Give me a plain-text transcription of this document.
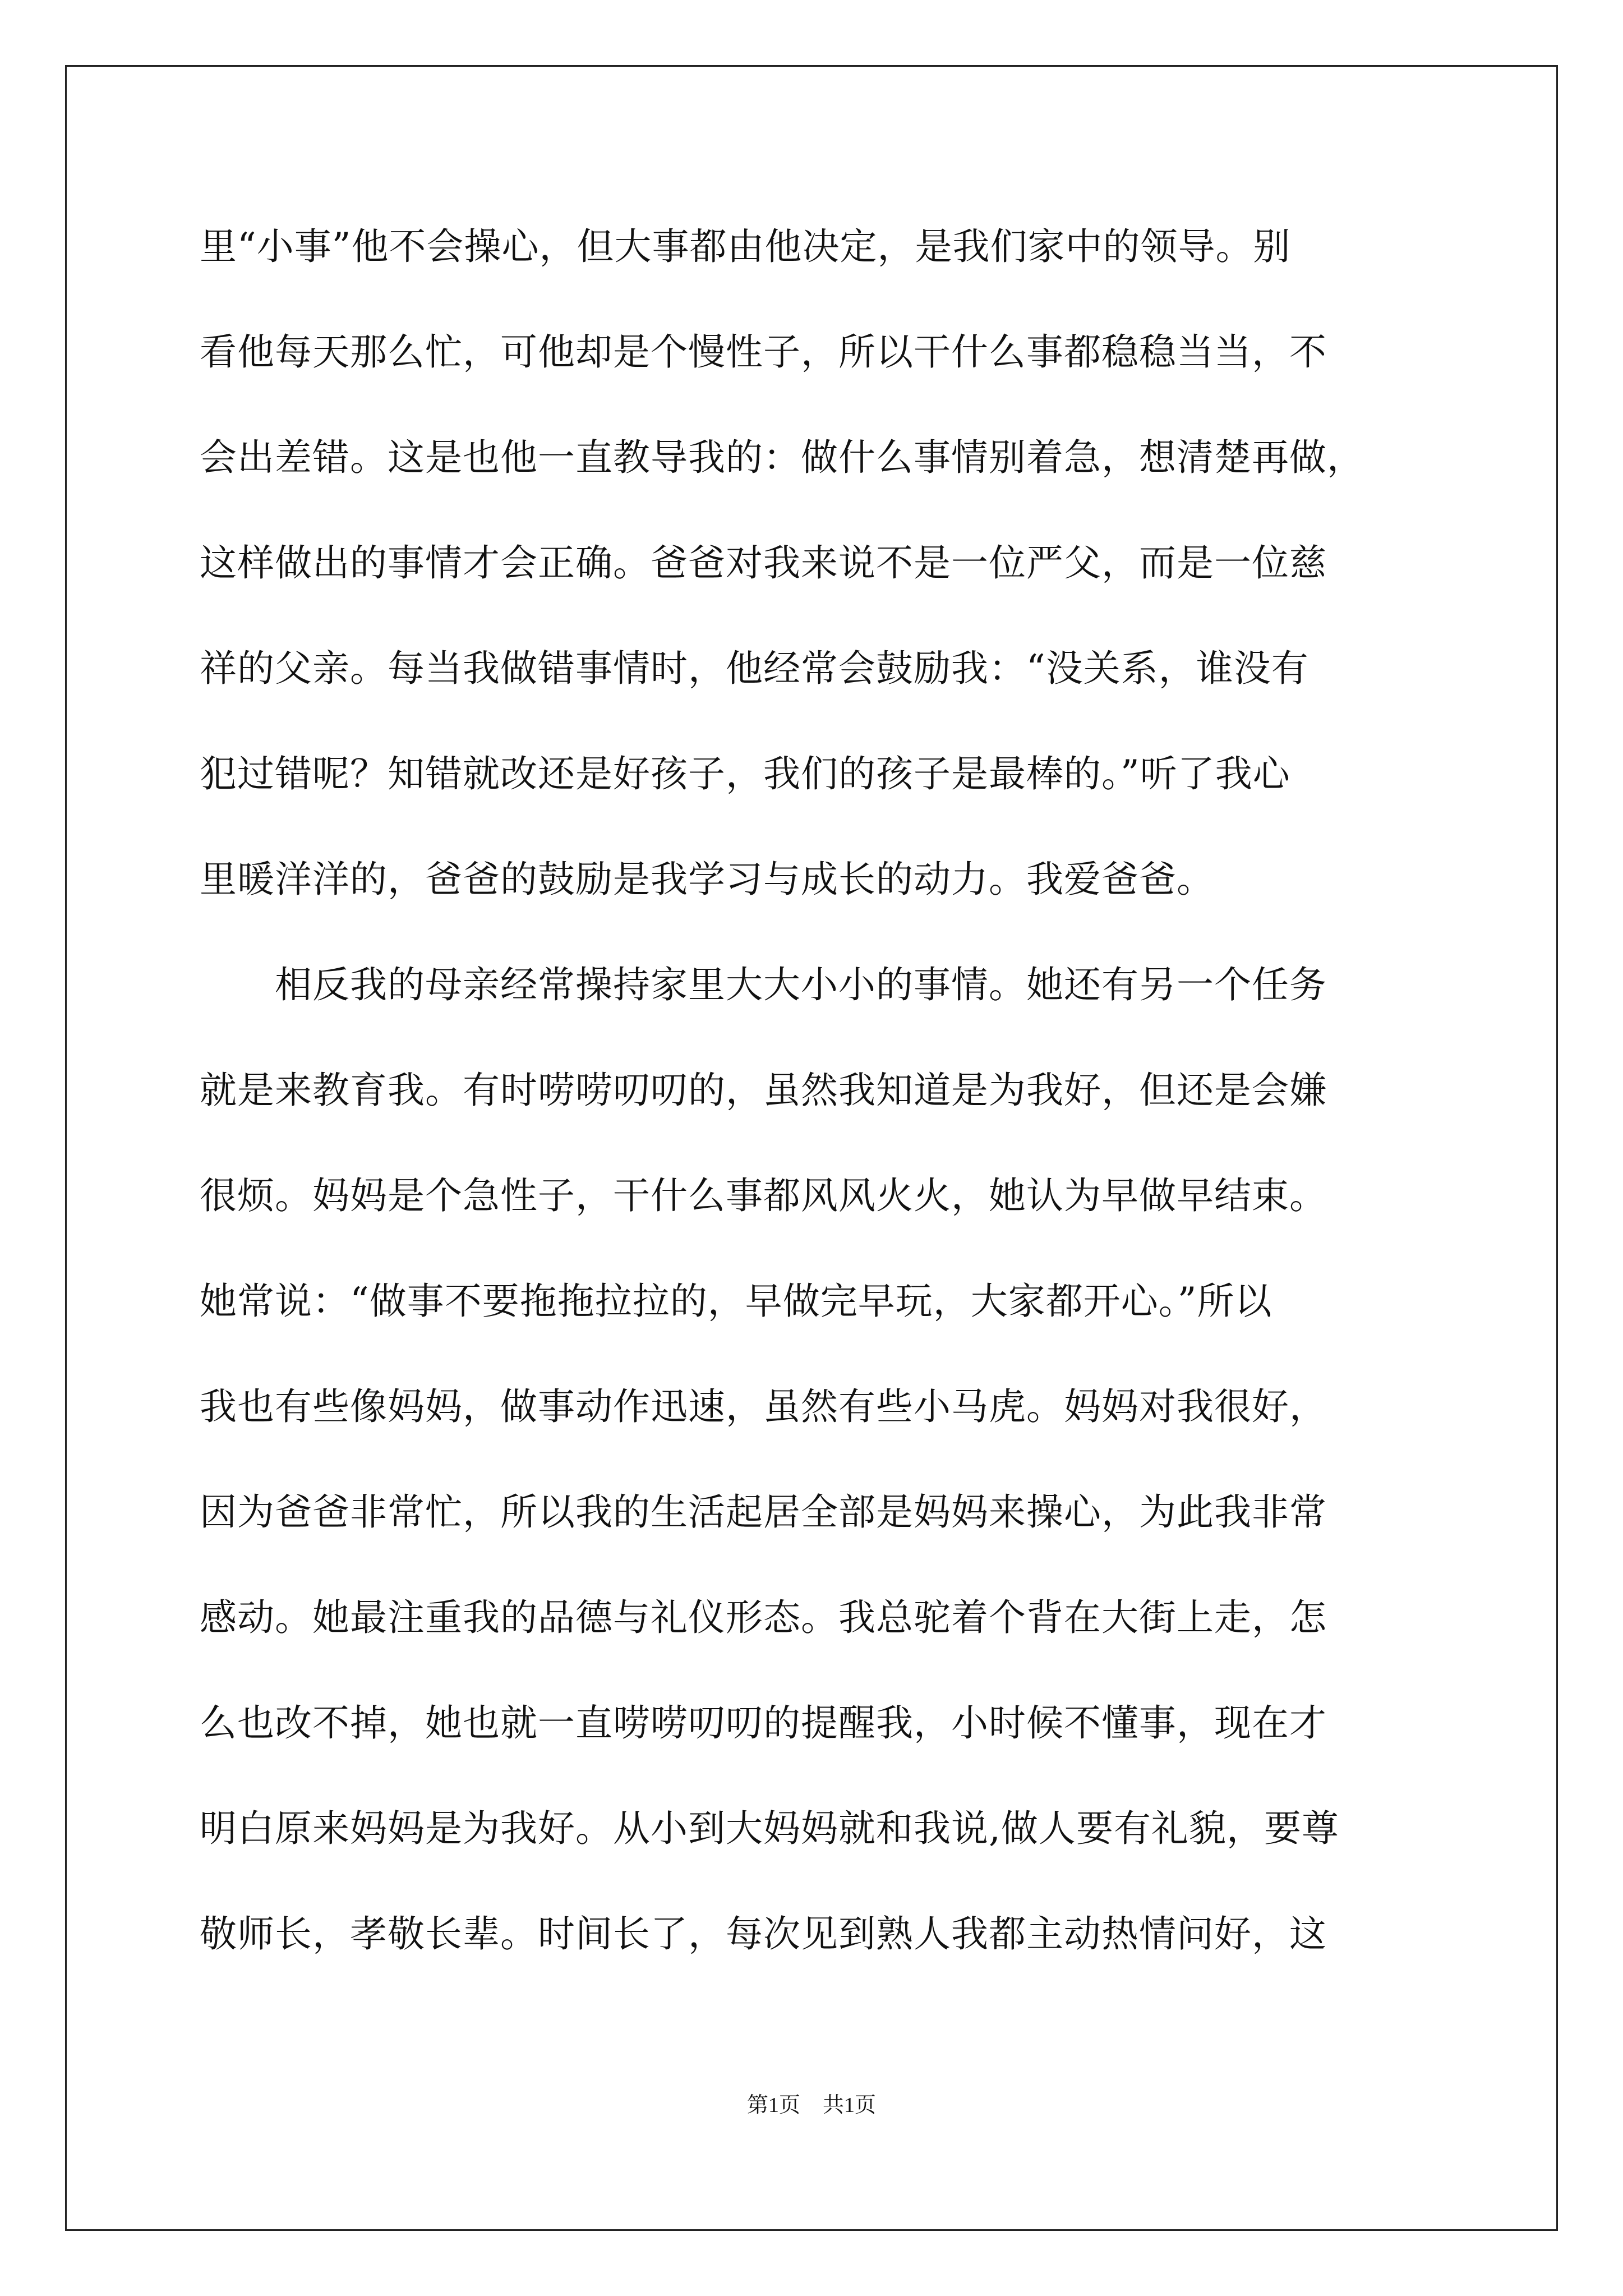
里“小事”他不会操心，但大事都由他决定，是我们家中的领导。别
看他每天那么忙，可他却是个慢性子，所以干什么事都稳稳当当，不
会出差错。这是也他一直教导我的：做什么事情别着急，想清楚再做，
这样做出的事情才会正确。爸爸对我来说不是一位严父，而是一位慈
祥的父亲。每当我做错事情时，他经常会鼓励我：“没关系，谁没有
犯过错呢？知错就改还是好孩子，我们的孩子是最棒的。”听了我心
里暖洋洋的，爸爸的鼓励是我学习与成长的动力。我爱爸爸。
　　相反我的母亲经常操持家里大大小小的事情。她还有另一个任务
就是来教育我。有时唠唠叨叨的，虽然我知道是为我好，但还是会嫌
很烦。妈妈是个急性子，干什么事都风风火火，她认为早做早结束。
她常说：“做事不要拖拖拉拉的，早做完早玩，大家都开心。”所以
我也有些像妈妈，做事动作迅速，虽然有些小马虎。妈妈对我很好，
因为爸爸非常忙，所以我的生活起居全部是妈妈来操心，为此我非常
感动。她最注重我的品德与礼仪形态。我总驼着个背在大街上走，怎
么也改不掉，她也就一直唠唠叨叨的提醒我，小时候不懂事，现在才
明白原来妈妈是为我好。从小到大妈妈就和我说,做人要有礼貌，要尊
敬师长，孝敬长辈。时间长了，每次见到熟人我都主动热情问好，这
第1页 共1页
